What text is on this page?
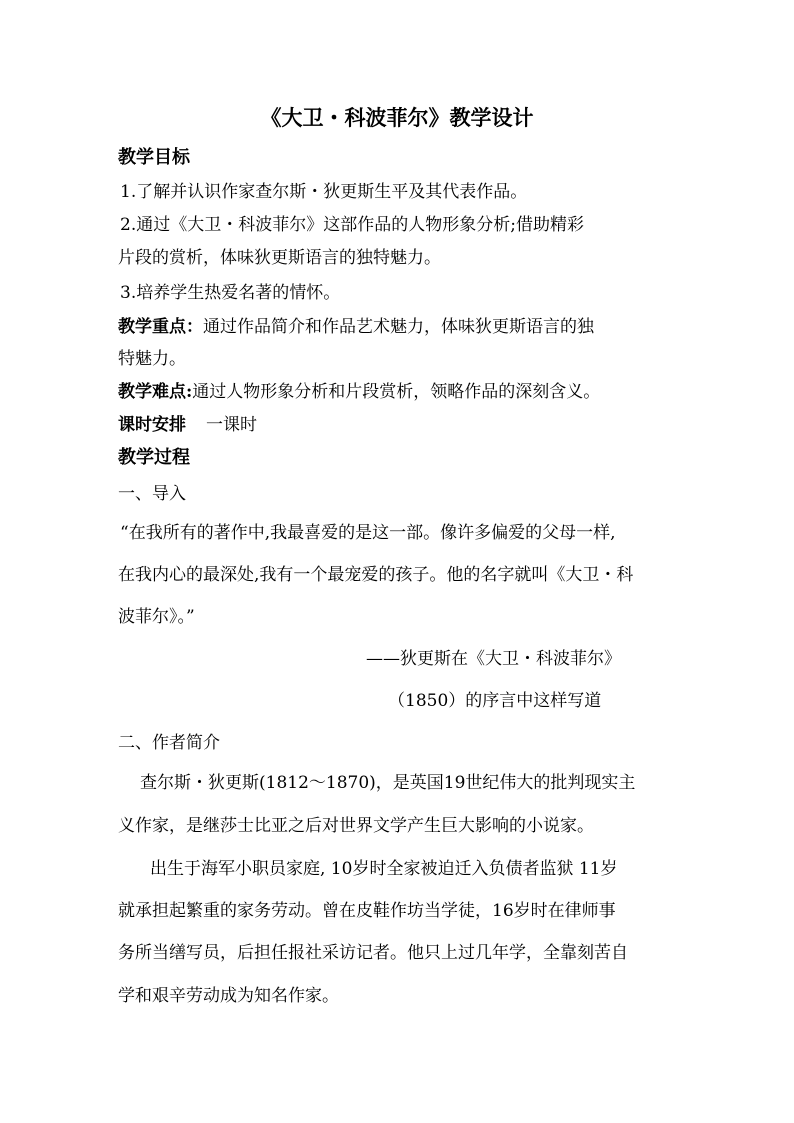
《大卫・科波菲尔》教学设计
教学目标
1.了解并认识作家查尔斯・狄更斯生平及其代表作品。
2.通过《大卫・科波菲尔》这部作品的人物形象分析;借助精彩
片段的赏析，体味狄更斯语言的独特魅力。
3.培养学生热爱名著的情怀。
教学重点：通过作品简介和作品艺术魅力，体味狄更斯语言的独
特魅力。
教学难点:通过人物形象分析和片段赏析，领略作品的深刻含义。
课时安排 一课时
教学过程
一、导入
“在我所有的著作中,我最喜爱的是这一部。像许多偏爱的父母一样,
在我内心的最深处,我有一个最宠爱的孩子。他的名字就叫《大卫・科
波菲尔》。”
——狄更斯在《大卫・科波菲尔》
（1850）的序言中这样写道
二、作者简介
查尔斯・狄更斯(1812～1870)，是英国19世纪伟大的批判现实主
义作家，是继莎士比亚之后对世界文学产生巨大影响的小说家。
出生于海军小职员家庭, 10岁时全家被迫迁入负债者监狱 11岁
就承担起繁重的家务劳动。曾在皮鞋作坊当学徒，16岁时在律师事
务所当缮写员，后担任报社采访记者。他只上过几年学，全靠刻苦自
学和艰辛劳动成为知名作家。
